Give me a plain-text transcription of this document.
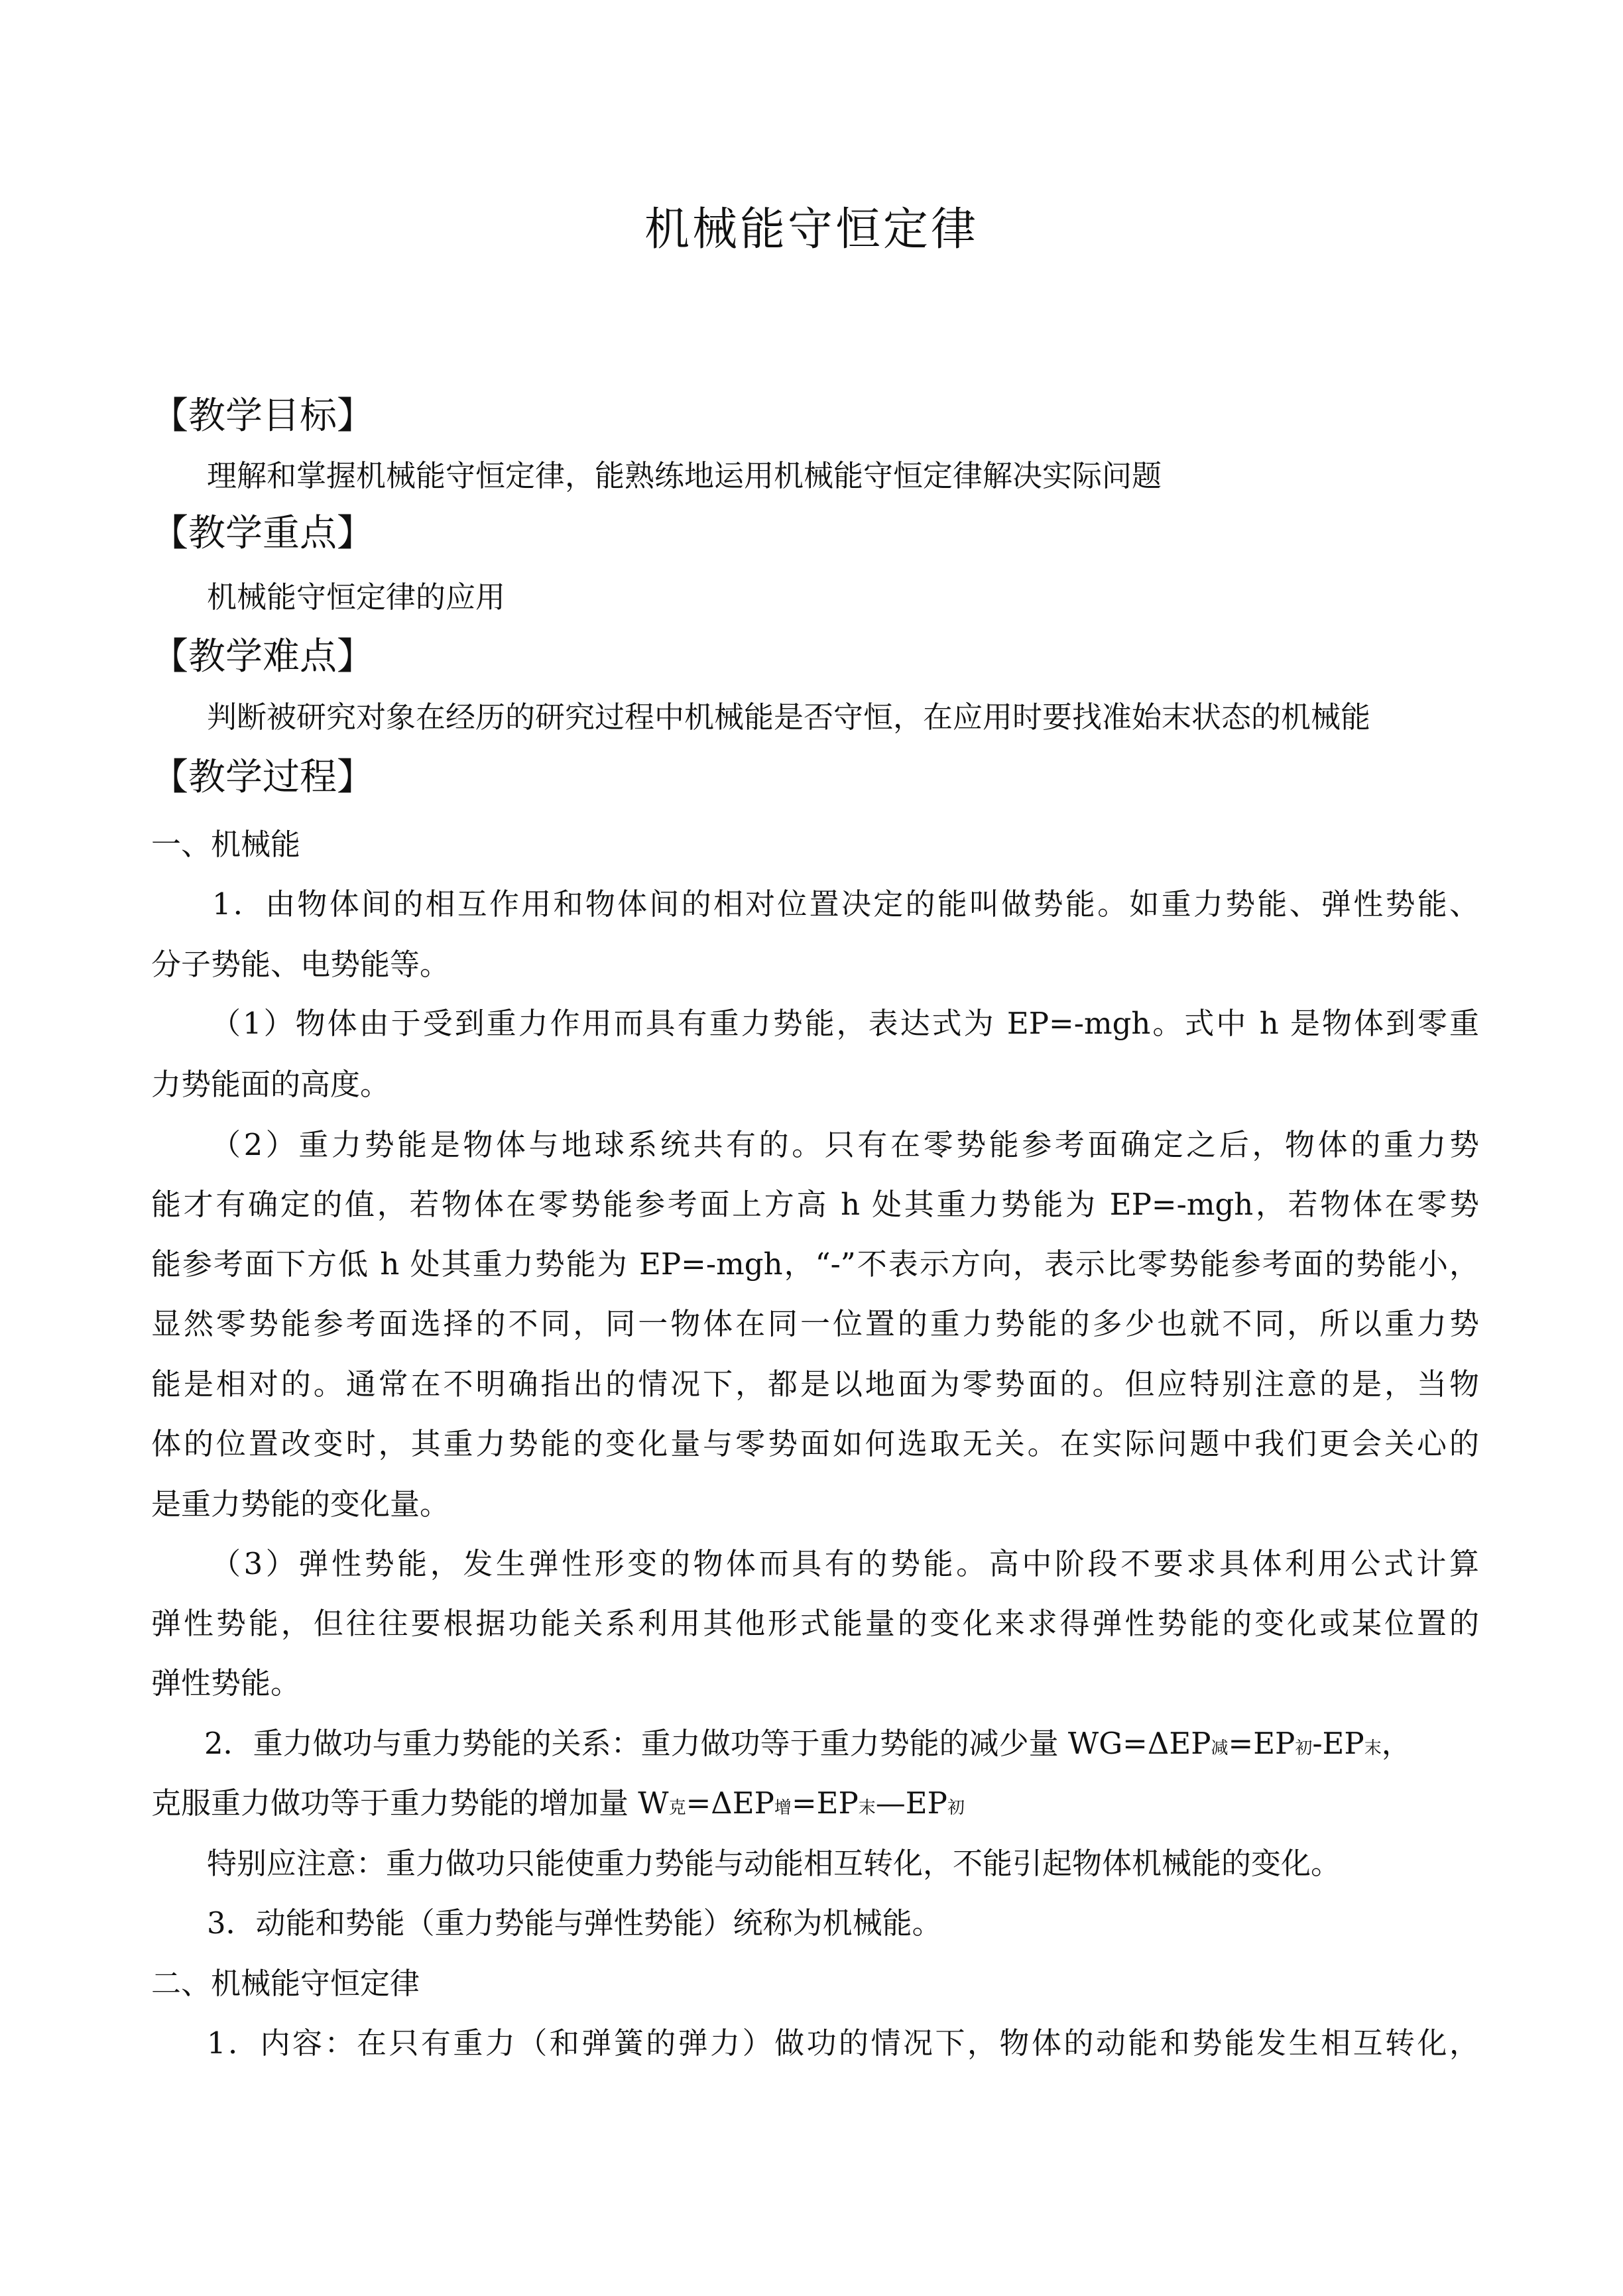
机械能守恒定律
【教学目标】
理解和掌握机械能守恒定律，能熟练地运用机械能守恒定律解决实际问题
【教学重点】
机械能守恒定律的应用
【教学难点】
判断被研究对象在经历的研究过程中机械能是否守恒，在应用时要找准始末状态的机械能
【教学过程】
一、机械能
1．由物体间的相互作用和物体间的相对位置决定的能叫做势能。如重力势能、弹性势能、
分子势能、电势能等。
（1）物体由于受到重力作用而具有重力势能，表达式为 EP=-mgh。式中 h 是物体到零重
力势能面的高度。
（2）重力势能是物体与地球系统共有的。只有在零势能参考面确定之后，物体的重力势
能才有确定的值，若物体在零势能参考面上方高 h 处其重力势能为 EP=-mgh，若物体在零势
能参考面下方低 h 处其重力势能为 EP=-mgh，“-”不表示方向，表示比零势能参考面的势能小，
显然零势能参考面选择的不同，同一物体在同一位置的重力势能的多少也就不同，所以重力势
能是相对的。通常在不明确指出的情况下，都是以地面为零势面的。但应特别注意的是，当物
体的位置改变时，其重力势能的变化量与零势面如何选取无关。在实际问题中我们更会关心的
是重力势能的变化量。
（3）弹性势能，发生弹性形变的物体而具有的势能。高中阶段不要求具体利用公式计算
弹性势能，但往往要根据功能关系利用其他形式能量的变化来求得弹性势能的变化或某位置的
弹性势能。
2．重力做功与重力势能的关系：重力做功等于重力势能的减少量 WG=ΔEP减=EP初-EP末，
克服重力做功等于重力势能的增加量 W克=ΔEP增=EP末—EP初
特别应注意：重力做功只能使重力势能与动能相互转化，不能引起物体机械能的变化。
3．动能和势能（重力势能与弹性势能）统称为机械能。
二、机械能守恒定律
1．内容：在只有重力（和弹簧的弹力）做功的情况下，物体的动能和势能发生相互转化，
